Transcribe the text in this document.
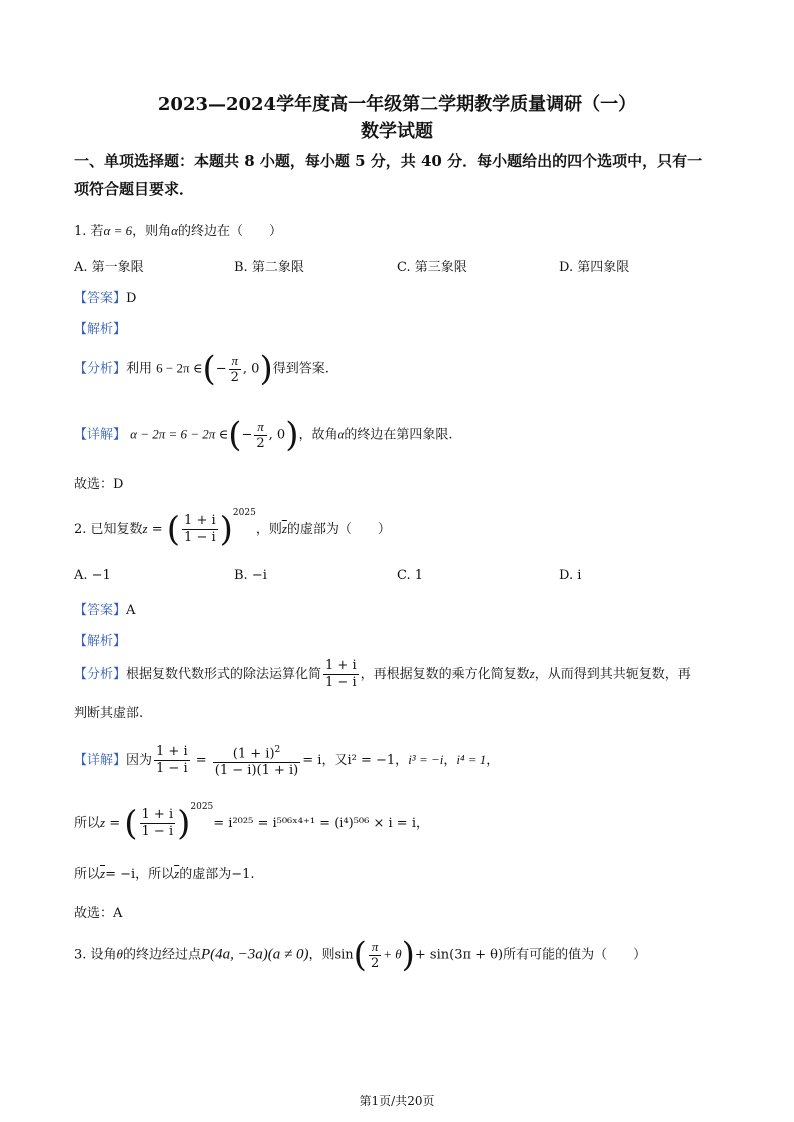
2023—2024学年度高一年级第二学期教学质量调研（一）
数学试题
一、单项选择题：本题共 8 小题，每小题 5 分，共 40 分．每小题给出的四个选项中，只有一
项符合题目要求．
1. 若α = 6，则角α的终边在（　　）
A. 第一象限	B. 第二象限	C. 第三象限	D. 第四象限
【答案】D
【解析】
【分析】利用 6 − 2π ∈(− $\frac{\pi}{2}$ , 0)得到答案.
【详解】 α − 2π = 6 − 2π ∈(− $\frac{\pi}{2}$ , 0)，故角α的终边在第四象限.
故选：D
2. 已知复数z = ( $\frac{1 + i}{1 - i} )^{2025}$，则$\overline{z}$的虚部为（　　）
A. −1	B. −i	C. 1	D. i
【答案】A
【解析】
【分析】根据复数代数形式的除法运算化简 $\frac{1 + i}{1 - i}$ ，再根据复数的乘方化简复数z，从而得到其共轭复数，再
判断其虚部.
【详解】因为 $\frac{1 + i}{1 - i} = \frac{(1 + i)^2}{(1 - i)(1 + i)} = i$，又i² = −1，i³ = −i，i⁴ = 1，
所以z = ( $\frac{1 + i}{1 - i} )^{2025}= i^{2025}$ = i⁵⁰⁶ˣ⁴⁺¹ = (i⁴)⁵⁰⁶ × i = i，
所以$\overline{z}= -i$，所以$\overline{z}$的虚部为−1.
故选：A
3. 设角θ的终边经过点P(4a, −3a)(a ≠ 0)，则$\sin( \frac{\pi}{2} + \theta)+ \sin(3\pi + \theta)$所有可能的值为（　　）
第1页/共20页
